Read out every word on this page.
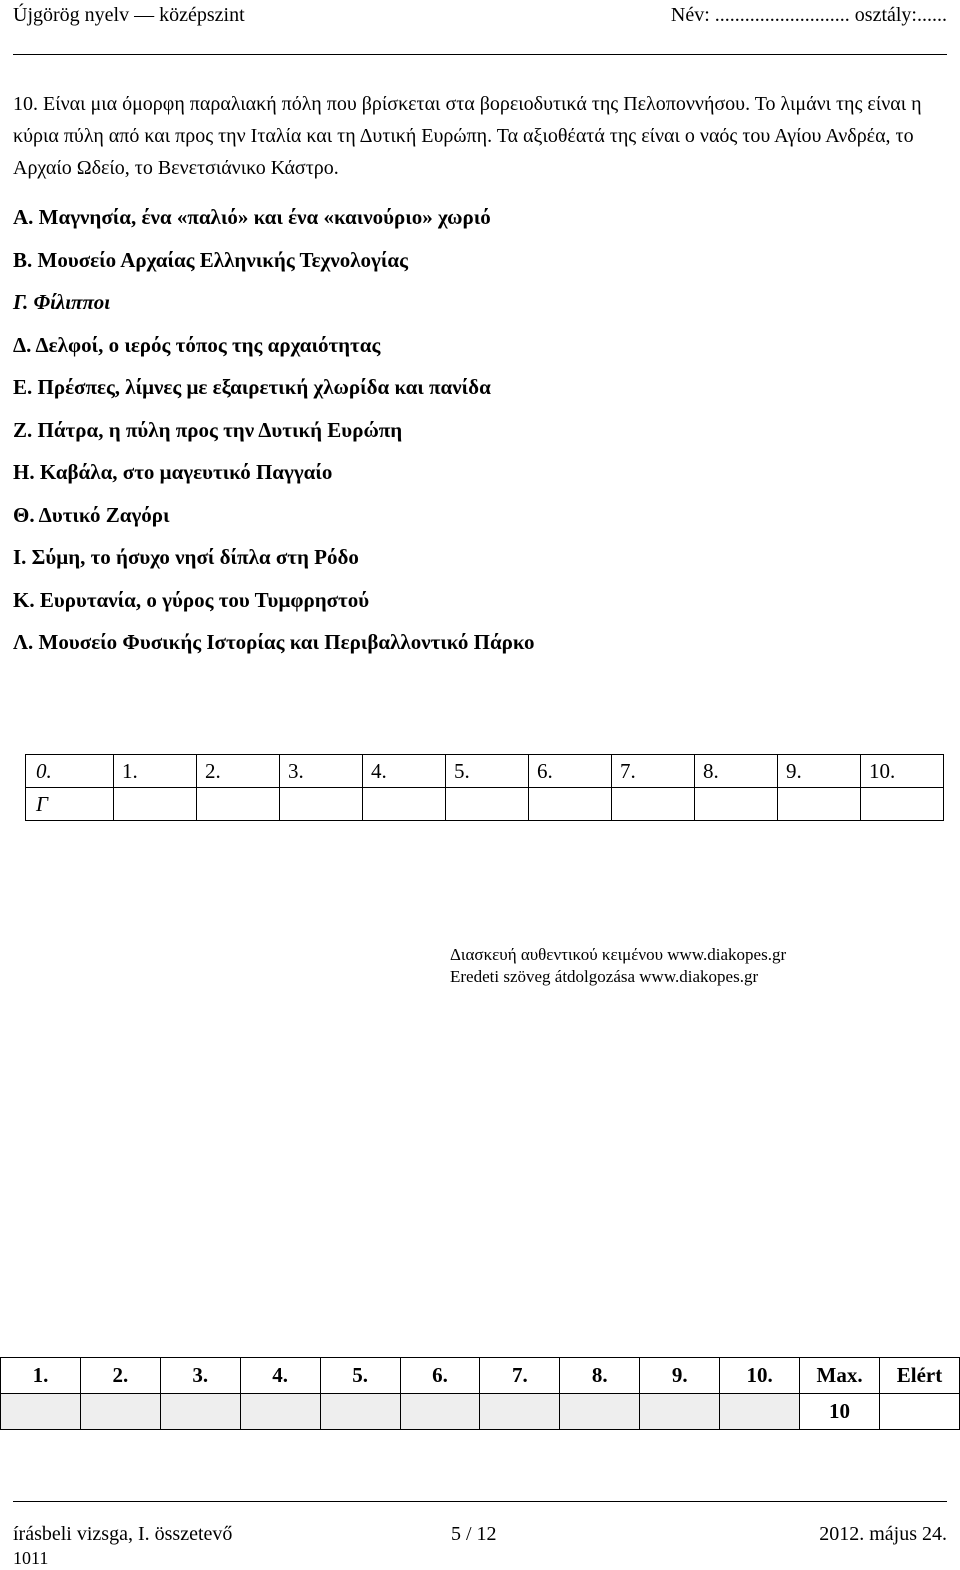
Újgörög nyelv — középszint	Név: ........................... osztály:......
10. Είναι μια όμορφη παραλιακή πόλη που βρίσκεται στα βορειοδυτικά της Πελοποννήσου. Το λιμάνι της είναι η κύρια πύλη από και προς την Ιταλία και τη Δυτική Ευρώπη. Τα αξιοθέατά της είναι ο ναός του Αγίου Ανδρέα, το Αρχαίο Ωδείο, το Βενετσιάνικο Κάστρο.
Α. Μαγνησία, ένα «παλιό» και ένα «καινούριο» χωριό
Β. Μουσείο Αρχαίας Ελληνικής Τεχνολογίας
Γ. Φίλιπποι
Δ. Δελφοί, ο ιερός τόπος της αρχαιότητας
Ε. Πρέσπες, λίμνες με εξαιρετική χλωρίδα και πανίδα
Ζ. Πάτρα, η πύλη προς την Δυτική Ευρώπη
Η. Καβάλα, στο μαγευτικό Παγγαίο
Θ. Δυτικό Ζαγόρι
Ι. Σύμη, το ήσυχο νησί δίπλα στη Ρόδο
Κ. Ευρυτανία, ο γύρος του Τυμφρηστού
Λ. Μουσείο Φυσικής Ιστορίας και Περιβαλλοντικό Πάρκο
0.	1.	2.	3.	4.	5.	6.	7.	8.	9.	10.
Γ										
Διασκευή αυθεντικού κειμένου www.diakopes.gr
Eredeti szöveg átdolgozása www.diakopes.gr
1.	2.	3.	4.	5.	6.	7.	8.	9.	10.	Max.	Elért
										10	
írásbeli vizsga, I. összetevő	5 / 12	2012. május 24.
1011
